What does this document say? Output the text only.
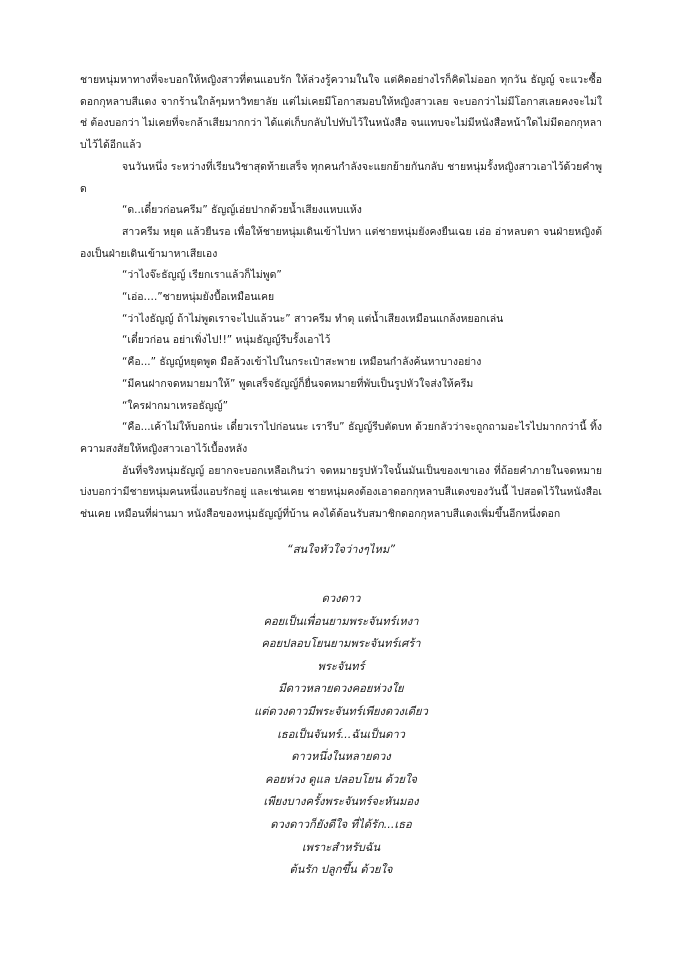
ชายหนุ่มหาทางที่จะบอกให้หญิงสาวที่ตนแอบรัก ให้ล่วงรู้ความในใจ แต่คิดอย่างไรก็คิดไม่ออก ทุกวัน ธัญญ์ จะแวะซื้อดอกกุหลาบสีแดง จากร้านใกล้ๆมหาวิทยาลัย แต่ไม่เคยมีโอกาสมอบให้หญิงสาวเลย จะบอกว่าไม่มีโอกาสเลยคงจะไม่ใช่ ต้องบอกว่า ไม่เคยที่จะกล้าเสียมากกว่า ได้แต่เก็บกลับไปทับไว้ในหนังสือ จนแทบจะไม่มีหนังสือหน้าใดไม่มีดอกกุหลาบไว้ได้อีกแล้ว

จนวันหนึ่ง ระหว่างที่เรียนวิชาสุดท้ายเสร็จ ทุกคนกำลังจะแยกย้ายกันกลับ ชายหนุ่มรั้งหญิงสาวเอาไว้ด้วยคำพูด

“ด..เดี๋ยวก่อนครีม” ธัญญ์เอ่ยปากด้วยน้ำเสียงแหบแห้ง

สาวครีม หยุด แล้วยืนรอ เพื่อให้ชายหนุ่มเดินเข้าไปหา แต่ชายหนุ่มยังคงยืนเฉย เอ่อ อ่าหลบตา จนฝ่ายหญิงต้องเป็นฝ่ายเดินเข้ามาหาเสียเอง

“ว่าไงจ๊ะธัญญ์ เรียกเราแล้วก็ไม่พูด”

“เอ่อ….”ชายหนุ่มยังบื้อเหมือนเคย

“ว่าไงธัญญ์ ถ้าไม่พูดเราจะไปแล้วนะ” สาวครีม ทำดุ แต่น้ำเสียงเหมือนแกล้งหยอกเล่น

“เดี๋ยวก่อน อย่าเพิ่งไป!!” หนุ่มธัญญ์รีบรั้งเอาไว้

“คือ...” ธัญญ์หยุดพูด มือล้วงเข้าไปในกระเป๋าสะพาย เหมือนกำลังค้นหาบางอย่าง

“มีคนฝากจดหมายมาให้” พูดเสร็จธัญญ์ก็ยื่นจดหมายที่พับเป็นรูปหัวใจส่งให้ครีม

“ใครฝากมาเหรอธัญญ์”

“คือ...เค้าไม่ให้บอกน่ะ เดี๋ยวเราไปก่อนนะ เรารีบ” ธัญญ์รีบตัดบท ด้วยกลัวว่าจะถูกถามอะไรไปมากกว่านี้ ทิ้งความสงสัยให้หญิงสาวเอาไว้เบื้องหลัง

อันที่จริงหนุ่มธัญญ์ อยากจะบอกเหลือเกินว่า จดหมายรูปหัวใจนั้นมันเป็นของเขาเอง ที่ถ้อยคำภายในจดหมาย บ่งบอกว่ามีชายหนุ่มคนหนึ่งแอบรักอยู่ และเช่นเคย ชายหนุ่มคงต้องเอาดอกกุหลาบสีแดงของวันนี้ ไปสอดไว้ในหนังสือเช่นเคย เหมือนที่ผ่านมา หนังสือของหนุ่มธัญญ์ที่บ้าน คงได้ต้อนรับสมาชิกดอกกุหลาบสีแดงเพิ่มขึ้นอีกหนึ่งดอก

“สนใจหัวใจว่างๆไหม”

ดวงดาว

คอยเป็นเพื่อนยามพระจันทร์เหงา

คอยปลอบโยนยามพระจันทร์เศร้า

พระจันทร์

มีดาวหลายดวงคอยห่วงใย

แต่ดวงดาวมีพระจันทร์เพียงดวงเดียว

เธอเป็นจันทร์...ฉันเป็นดาว

ดาวหนึ่งในหลายดวง

คอยห่วง ดูแล ปลอบโยน ด้วยใจ

เพียงบางครั้งพระจันทร์จะหันมอง

ดวงดาวก็ยังดีใจ ที่ได้รัก...เธอ

เพราะสำหรับฉัน

ต้นรัก ปลูกขึ้น ด้วยใจ
